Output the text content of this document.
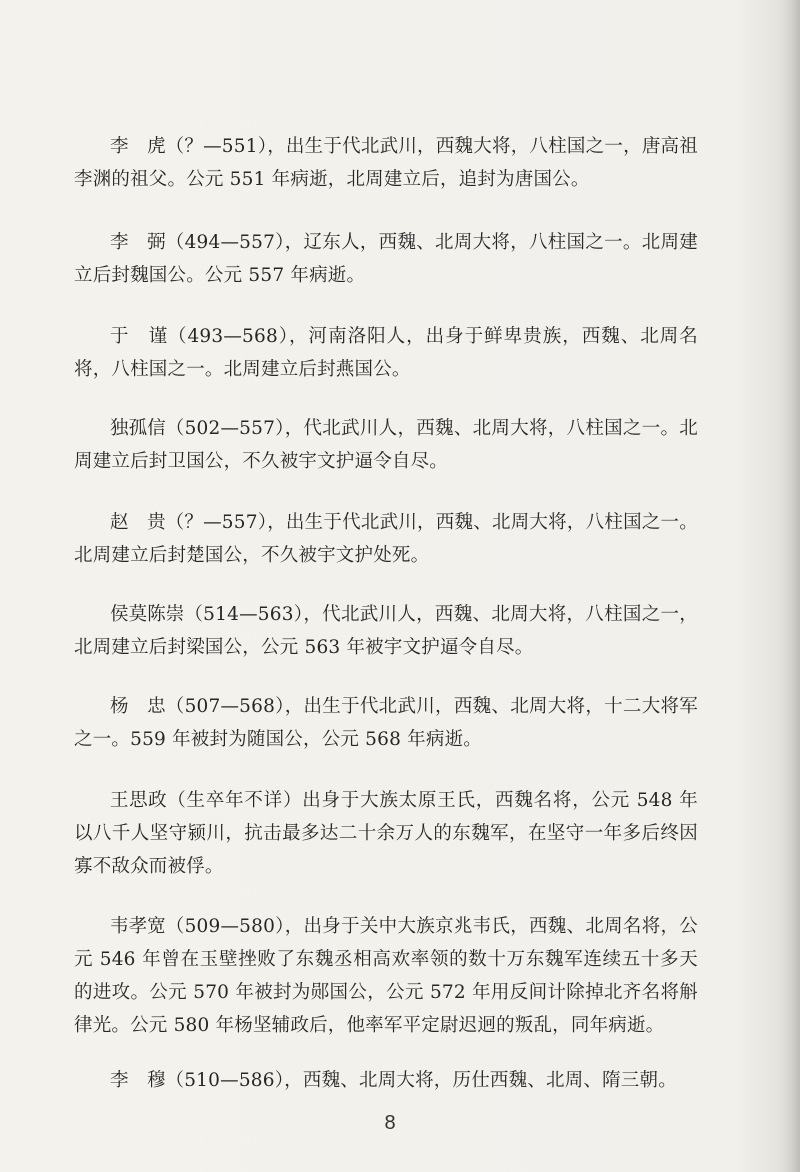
李　虎（？—551），出生于代北武川，西魏大将，八柱国之一，唐高祖李渊的祖父。公元 551 年病逝，北周建立后，追封为唐国公。

李　弼（494—557），辽东人，西魏、北周大将，八柱国之一。北周建立后封魏国公。公元 557 年病逝。

于　谨（493—568），河南洛阳人，出身于鲜卑贵族，西魏、北周名将，八柱国之一。北周建立后封燕国公。

独孤信（502—557），代北武川人，西魏、北周大将，八柱国之一。北周建立后封卫国公，不久被宇文护逼令自尽。

赵　贵（？—557），出生于代北武川，西魏、北周大将，八柱国之一。北周建立后封楚国公，不久被宇文护处死。

侯莫陈崇（514—563），代北武川人，西魏、北周大将，八柱国之一，北周建立后封梁国公，公元 563 年被宇文护逼令自尽。

杨　忠（507—568），出生于代北武川，西魏、北周大将，十二大将军之一。559 年被封为随国公，公元 568 年病逝。

王思政（生卒年不详）出身于大族太原王氏，西魏名将，公元 548 年以八千人坚守颍川，抗击最多达二十余万人的东魏军，在坚守一年多后终因寡不敌众而被俘。

韦孝宽（509—580），出身于关中大族京兆韦氏，西魏、北周名将，公元 546 年曾在玉壁挫败了东魏丞相高欢率领的数十万东魏军连续五十多天的进攻。公元 570 年被封为郧国公，公元 572 年用反间计除掉北齐名将斛律光。公元 580 年杨坚辅政后，他率军平定尉迟迥的叛乱，同年病逝。

李　穆（510—586），西魏、北周大将，历仕西魏、北周、隋三朝。

8
